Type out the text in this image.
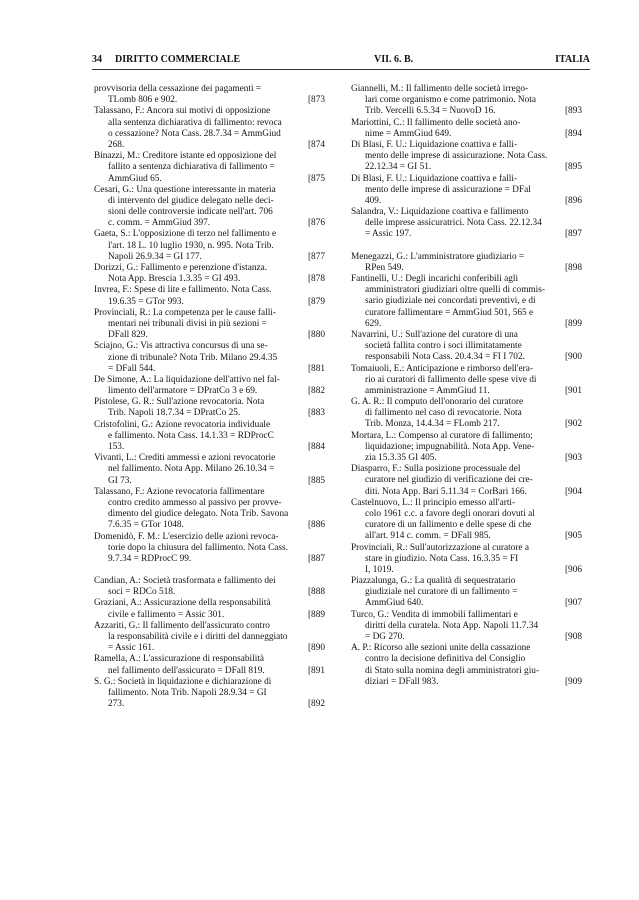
34 DIRITTO COMMERCIALE	VII. 6. B.	ITALIA
provvisoria della cessazione dei pagamenti =
TLomb 806 e 902.	[873
Talassano, F.: Ancora sui motivi di opposizione
alla sentenza dichiarativa di fallimento: revoca
o cessazione? Nota Cass. 28.7.34 = AmmGiud
268.	[874
Binazzi, M.: Creditore istante ed opposizione del
fallito a sentenza dichiarativa di fallimento =
AmmGiud 65.	[875
Cesari, G.: Una questione interessante in materia
di intervento del giudice delegato nelle deci-
sioni delle controversie indicate nell'art. 706
c. comm. = AmmGiud 397.	[876
Gaeta, S.: L'opposizione di terzo nel fallimento e
l'art. 18 L. 10 luglio 1930, n. 995. Nota Trib.
Napoli 26.9.34 = GI 177.	[877
Dorizzi, G.: Fallimento e perenzione d'istanza.
Nota App. Brescia 1.3.35 = GI 493.	[878
Invrea, F.: Spese di lite e fallimento. Nota Cass.
19.6.35 = GTor 993.	[879
Provinciali, R.: La competenza per le cause falli-
mentari nei tribunali divisi in più sezioni =
DFall 829.	[880
Sciajno, G.: Vis attractiva concursus di una se-
zione di tribunale? Nota Trib. Milano 29.4.35
= DFall 544.	[881
De Simone, A.: La liquidazione dell'attivo nel fal-
limento dell'armatore = DPratCo 3 e 69.	[882
Pistolese, G. R.: Sull'azione revocatoria. Nota
Trib. Napoli 18.7.34 = DPratCo 25.	[883
Cristofolini, G.: Azione revocatoria individuale
e fallimento. Nota Cass. 14.1.33 = RDProcC
153.	[884
Vivanti, L.: Crediti ammessi e azioni revocatorie
nel fallimento. Nota App. Milano 26.10.34 =
GI 73.	[885
Talassano, F.: Azione revocatoria fallimentare
contro credito ammesso al passivo per provve-
dimento del giudice delegato. Nota Trib. Savona
7.6.35 = GTor 1048.	[886
Domenidò, F. M.: L'esercizio delle azioni revoca-
torie dopo la chiusura del fallimento. Nota Cass.
9.7.34 = RDProcC 99.	[887
Candian, A.: Società trasformata e fallimento dei
soci = RDCo 518.	[888
Graziani, A.: Assicurazione della responsabilità
civile e fallimento = Assic 301.	[889
Azzariti, G.: Il fallimento dell'assicurato contro
la responsabilità civile e i diritti del danneggiato
= Assic 161.	[890
Ramella, A.: L'assicurazione di responsabilità
nel fallimento dell'assicurato = DFall 819.	[891
S. G.: Società in liquidazione e dichiarazione di
fallimento. Nota Trib. Napoli 28.9.34 = GI
273.	[892
Giannelli, M.: Il fallimento delle società irrego-
lari come organismo e come patrimonio. Nota
Trib. Vercelli 6.5.34 = NuovoD 16.	[893
Mariottini, C.: Il fallimento delle società ano-
nime = AmmGiud 649.	[894
Di Blasi, F. U.: Liquidazione coattiva e falli-
mento delle imprese di assicurazione. Nota Cass.
22.12.34 = GI 51.	[895
Di Blasi, F. U.: Liquidazione coattiva e falli-
mento delle imprese di assicurazione = DFal
409.	[896
Salandra, V.: Liquidazione coattiva e fallimento
delle imprese assicuratrici. Nota Cass. 22.12.34
= Assic 197.	[897
Menegazzi, G.: L'amministratore giudiziario =
RPen 549.	[898
Fantinelli, U.: Degli incarichi conferibili agli
amministratori giudiziari oltre quelli di commis-
sario giudiziale nei concordati preventivi, e di
curatore fallimentare = AmmGiud 501, 565 e
629.	[899
Navarrini, U.: Sull'azione del curatore di una
società fallita contro i soci illimitatamente
responsabili Nota Cass. 20.4.34 = FI I 702.	[900
Tomaiuoli, E.: Anticipazione e rimborso dell'era-
rio ai curatori di fallimento delle spese vive di
amministrazione = AmmGiud 11.	[901
G. A. R.: Il computo dell'onorario del curatore
di fallimento nel caso di revocatorie. Nota
Trib. Monza, 14.4.34 = FLomb 217.	[902
Mortara, L.: Compenso al curatore di fallimento;
liquidazione; impugnabilità. Nota App. Vene-
zia 15.3.35 GI 405.	[903
Diasparro, F.: Sulla posizione processuale del
curatore nel giudizio di verificazione dei cre-
diti. Nota App. Bari 5.11.34 = CorBari 166.	[904
Castelnuovo, L.: Il principio emesso all'arti-
colo 1961 c.c. a favore degli onorari dovuti al
curatore di un fallimento e delle spese di che
all'art. 914 c. comm. = DFall 985.	[905
Provinciali, R.: Sull'autorizzazione al curatore a
stare in giudizio. Nota Cass. 16.3.35 = FI
I, 1019.	[906
Piazzalunga, G.: La qualità di sequestratario
giudiziale nel curatore di un fallimento =
AmmGiud 640.	[907
Turco, G.: Vendita di immobili fallimentari e
diritti della curatela. Nota App. Napoli 11.7.34
= DG 270.	[908
A. P.: Ricorso alle sezioni unite della cassazione
contro la decisione definitiva del Consiglio
di Stato sulla nomina degli amministratori giu-
diziari = DFall 983.	[909
